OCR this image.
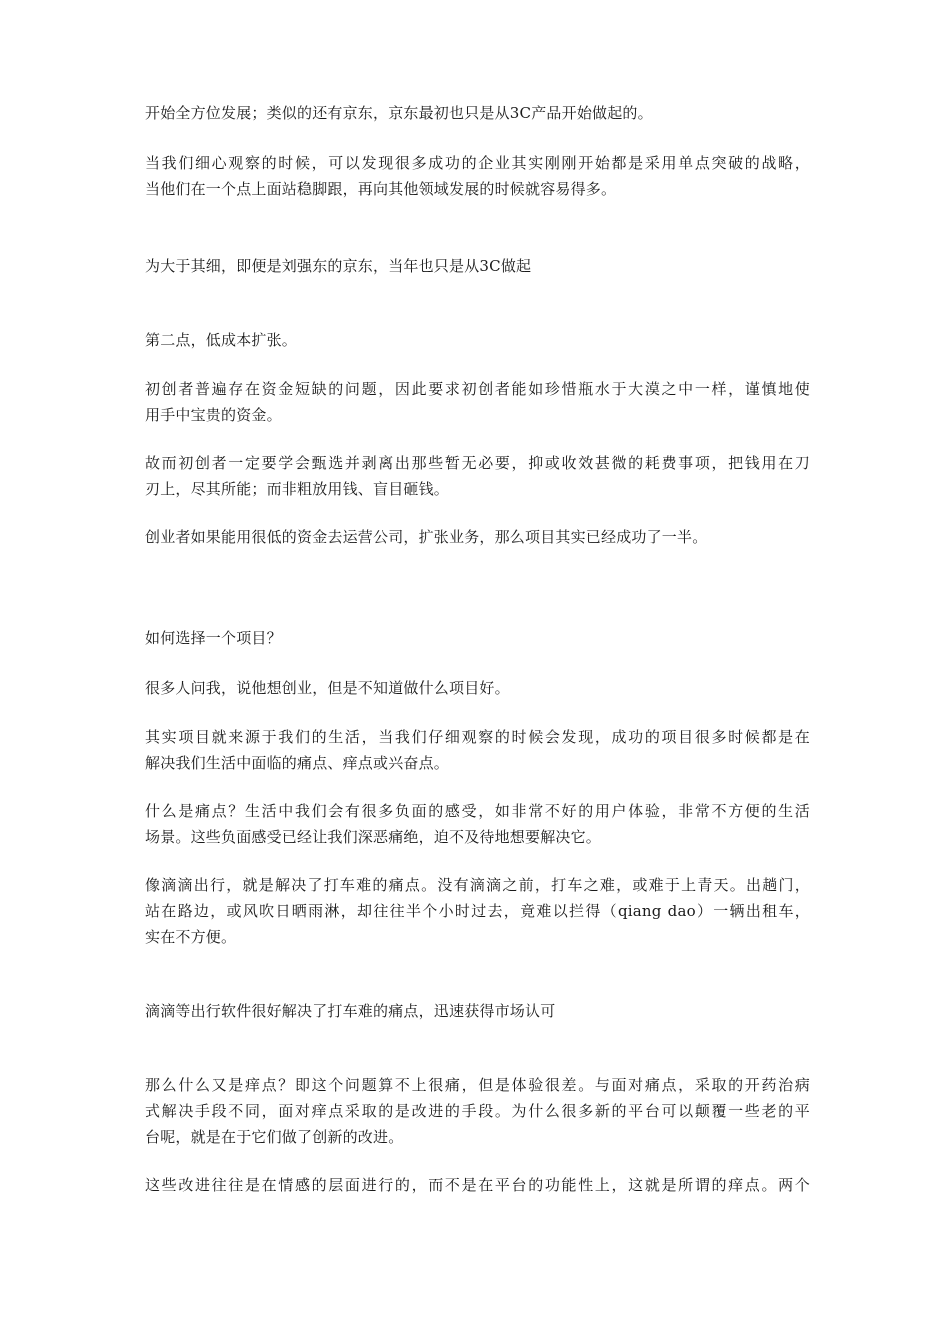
开始全方位发展；类似的还有京东，京东最初也只是从3C产品开始做起的。

当我们细心观察的时候，可以发现很多成功的企业其实刚刚开始都是采用单点突破的战略，
当他们在一个点上面站稳脚跟，再向其他领域发展的时候就容易得多。

为大于其细，即便是刘强东的京东，当年也只是从3C做起

第二点，低成本扩张。

初创者普遍存在资金短缺的问题，因此要求初创者能如珍惜瓶水于大漠之中一样，谨慎地使
用手中宝贵的资金。

故而初创者一定要学会甄选并剥离出那些暂无必要，抑或收效甚微的耗费事项，把钱用在刀
刃上，尽其所能；而非粗放用钱、盲目砸钱。

创业者如果能用很低的资金去运营公司，扩张业务，那么项目其实已经成功了一半。

如何选择一个项目？

很多人问我，说他想创业，但是不知道做什么项目好。

其实项目就来源于我们的生活，当我们仔细观察的时候会发现，成功的项目很多时候都是在
解决我们生活中面临的痛点、痒点或兴奋点。

什么是痛点？生活中我们会有很多负面的感受，如非常不好的用户体验，非常不方便的生活
场景。这些负面感受已经让我们深恶痛绝，迫不及待地想要解决它。

像滴滴出行，就是解决了打车难的痛点。没有滴滴之前，打车之难，或难于上青天。出趟门，
站在路边，或风吹日晒雨淋，却往往半个小时过去，竟难以拦得（qiang dao）一辆出租车，
实在不方便。

滴滴等出行软件很好解决了打车难的痛点，迅速获得市场认可

那么什么又是痒点？即这个问题算不上很痛，但是体验很差。与面对痛点，采取的开药治病
式解决手段不同，面对痒点采取的是改进的手段。为什么很多新的平台可以颠覆一些老的平
台呢，就是在于它们做了创新的改进。

这些改进往往是在情感的层面进行的，而不是在平台的功能性上，这就是所谓的痒点。两个
